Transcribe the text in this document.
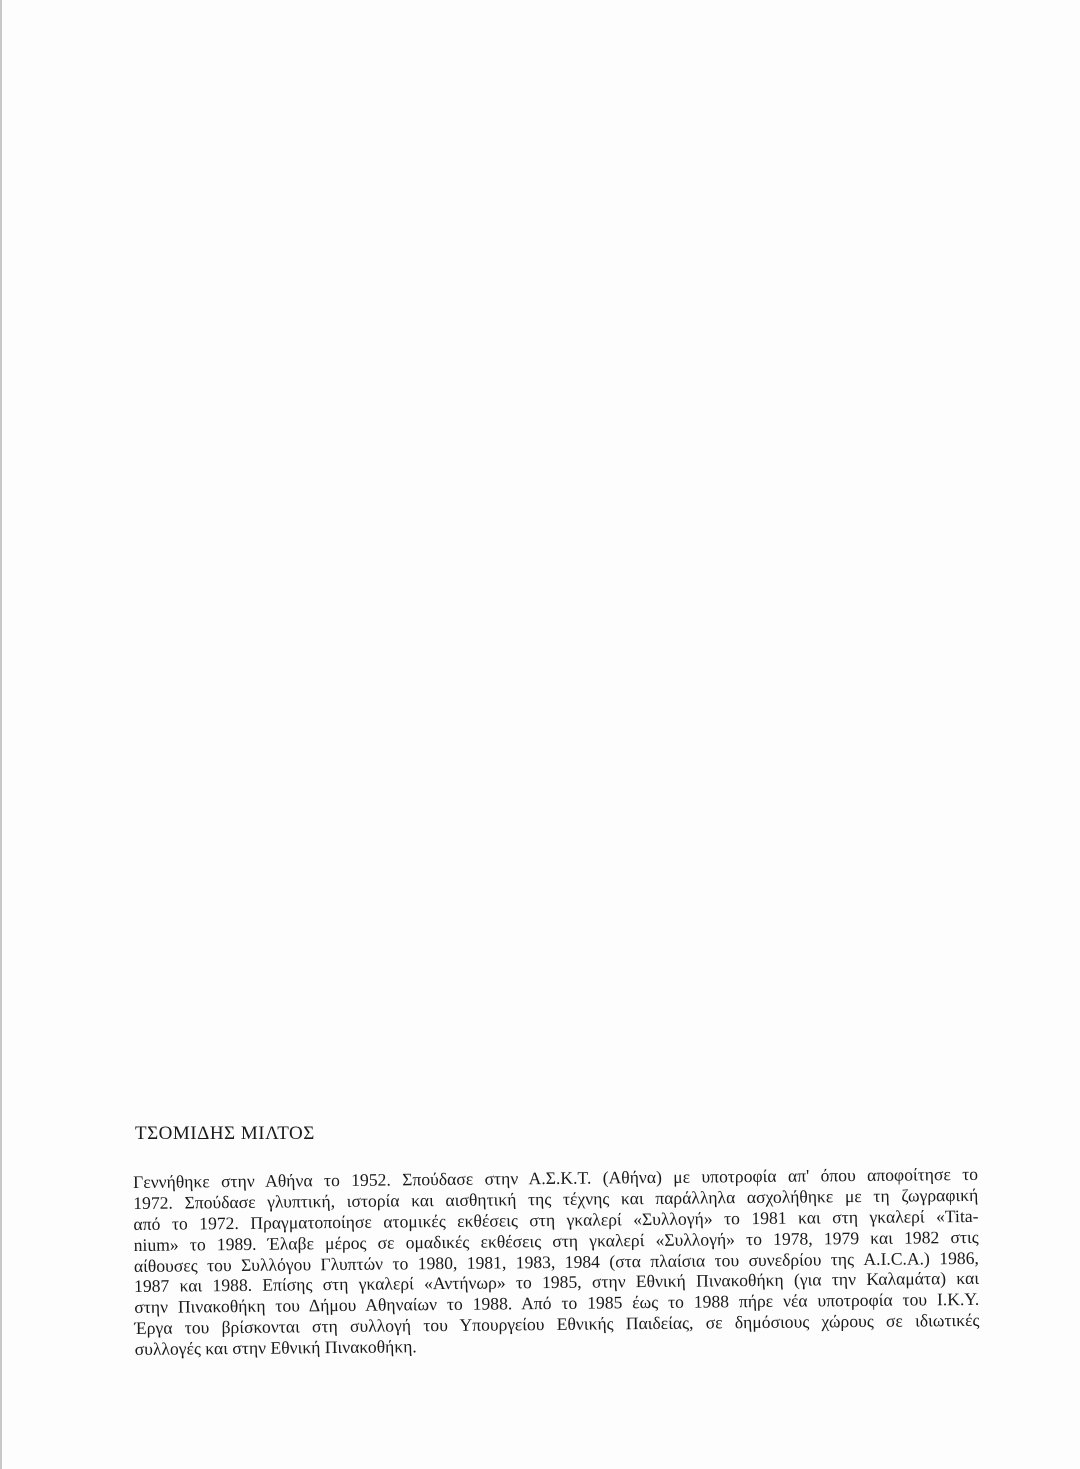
ΤΣΟΜΙΔΗΣ ΜΙΛΤΟΣ
Γεννήθηκε στην Αθήνα το 1952. Σπούδασε στην Α.Σ.Κ.Τ. (Αθήνα) με υποτροφία απ' όπου αποφοίτησε το
1972. Σπούδασε γλυπτική, ιστορία και αισθητική της τέχνης και παράλληλα ασχολήθηκε με τη ζωγραφική
από το 1972. Πραγματοποίησε ατομικές εκθέσεις στη γκαλερί «Συλλογή» το 1981 και στη γκαλερί «Tita-
nium» το 1989. Έλαβε μέρος σε ομαδικές εκθέσεις στη γκαλερί «Συλλογή» το 1978, 1979 και 1982 στις
αίθουσες του Συλλόγου Γλυπτών το 1980, 1981, 1983, 1984 (στα πλαίσια του συνεδρίου της A.I.C.A.) 1986,
1987 και 1988. Επίσης στη γκαλερί «Αντήνωρ» το 1985, στην Εθνική Πινακοθήκη (για την Καλαμάτα) και
στην Πινακοθήκη του Δήμου Αθηναίων το 1988. Από το 1985 έως το 1988 πήρε νέα υποτροφία του Ι.Κ.Υ.
Έργα του βρίσκονται στη συλλογή του Υπουργείου Εθνικής Παιδείας, σε δημόσιους χώρους σε ιδιωτικές
συλλογές και στην Εθνική Πινακοθήκη.
